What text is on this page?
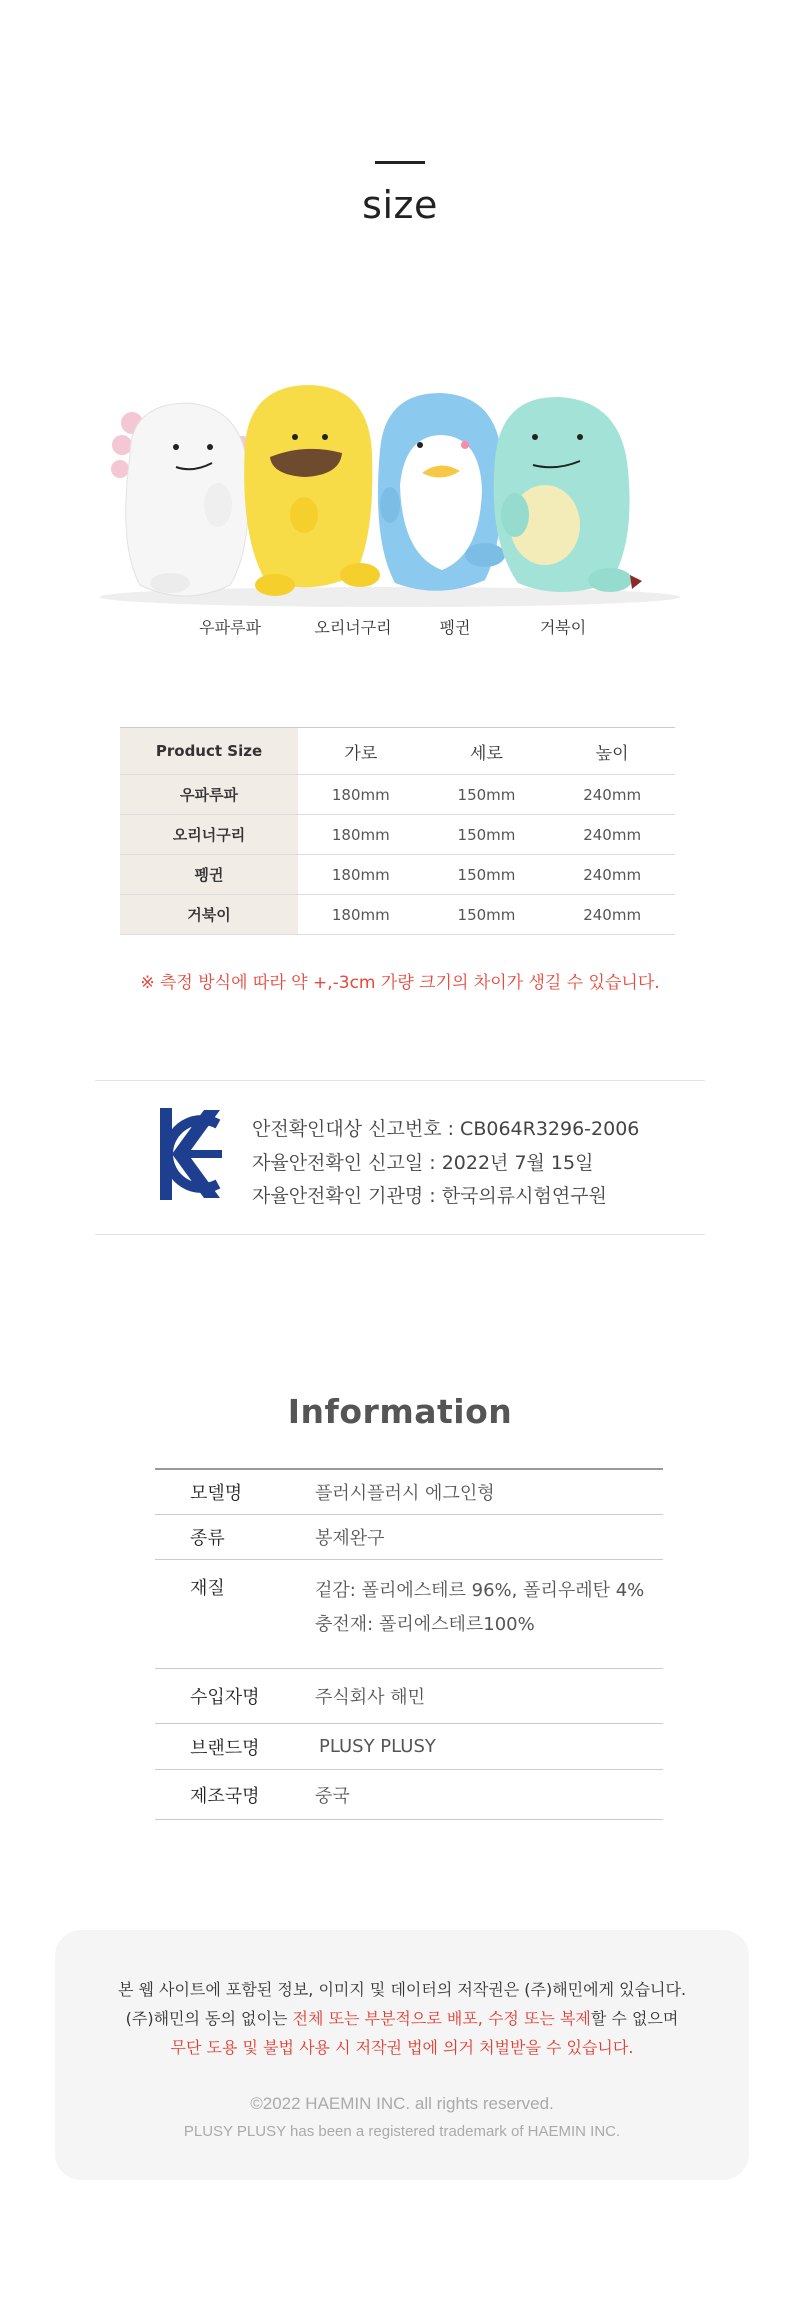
size
우파루파	오리너구리	펭귄	거북이
Product Size	가로	세로	높이
우파루파	180mm	150mm	240mm
오리너구리	180mm	150mm	240mm
펭귄	180mm	150mm	240mm
거북이	180mm	150mm	240mm
※ 측정 방식에 따라 약 +,-3cm 가량 크기의 차이가 생길 수 있습니다.
안전확인대상 신고번호 : CB064R3296-2006
자율안전확인 신고일 : 2022년 7월 15일
자율안전확인 기관명 : 한국의류시험연구원
Information
모델명	플러시플러시 에그인형
종류	봉제완구
재질	겉감: 폴리에스테르 96%, 폴리우레탄 4%
충전재: 폴리에스테르100%

수입자명	주식회사 해민
브랜드명	PLUSY PLUSY
제조국명	중국
본 웹 사이트에 포함된 정보, 이미지 및 데이터의 저작권은 (주)해민에게 있습니다.
(주)해민의 동의 없이는 전체 또는 부분적으로 배포, 수정 또는 복제할 수 없으며
무단 도용 및 불법 사용 시 저작권 법에 의거 처벌받을 수 있습니다.
©2022 HAEMIN INC. all rights reserved.
PLUSY PLUSY has been a registered trademark of HAEMIN INC.
